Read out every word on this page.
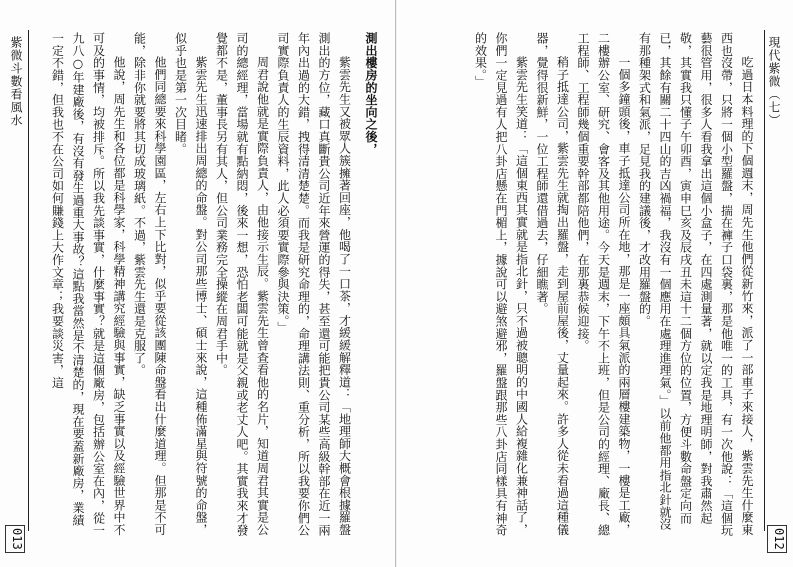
紫微斗數看風水	測出樓房的坐向之後，

紫雲先生又被眾人簇擁著回座，他喝了一口茶，才緩緩解釋道：「地理師大概會根據羅盤測出的方位，藏口真斷貴公司近年來營運的得失，甚至還可能把貴公司某些高級幹部在近一兩年內出過的大錯，拽得清清楚楚。而我是研究命理的，命理講法則、重分析，所以我要你們公司實際負責人的生辰資料，此人必須要實際參與決策。」

周君說他就是實際負責人，由他接示生辰。紫雲先生曾查看他的名片，知道周君其實是公司的總經理，當場就有點納悶，後來一想，恐怕老闆可能就是父親或老丈人吧。其實我來才發覺都不是，董事長另有其人，但公司業務完全操縱在周君手中。

紫雲先生迅速排出周總的命盤。對公司那些博士、碩士來說，這種佈滿星與符號的命盤，似乎也是第一次目睹。

他們同總要來科學園區，左右上下比對，似乎要從該團陳命盤看出什麼道理。但那是不可能，除非你就要將其切成玻璃紙。不過，紫雲先生還是克服了。

他說，周先生和各位都是科學家，科學精神講究經驗與事實，缺乏事實以及經驗世界中不可及的事情，均被排斥。所以我先談事實，什麼事實？就是這個廠房，包括辦公室在內，從一九八○年建廠後，有沒有發生過重大事故？這點我當然是不清楚的，現在要蓋新廠房，業績一定不錯，但我也不在公司如何賺錢上大作文章；我要談災害，這

013
現代紫微（七）

吃過日本料理的下個週末，周先生他們從新竹來，派了一部車子來接人，紫雲先生什麼東西也沒帶，只將一個小型羅盤，揣在褲子口袋裏，那是他唯一的工具，有一次他說：「這個玩藝很管用，很多人看我拿出這個小盒子，在四處測量著，就以定我是地理明師，對我肅然起敬，其實我只懂子午卯酉，寅申巳亥及辰戌丑未這十二個方位的位置，方便斗數命盤定向而已，其餘有關二十四山的吉凶禍福，我沒有一個應用在處理進理氣。」以前他都用指北針就沒有那種架式和氣派，足見我的建議後，才改用羅盤的。

一個多鐘頭後，車子抵達公司所在地，那是一座頗具氣派的兩層樓建築物，一樓是工廠，二樓辦公室、研究、會客及其他用途。今天是週末，下午不上班，但是公司的經理、廠長、總工程師、工程師幾個重要幹部都陪他們，在那裏恭候迎接。

稍子抵達公司，紫雲先生就掏出羅盤，走到屋前屋後，丈量起來。許多人從未看過這種儀器，覺得很新鮮，一位工程師還借過去，仔細瞧著。

紫雲先生笑道：「這個東西其實就是指北針，只不過被聰明的中國人給複雜化兼神話了，你們一定見過有人把八卦店懸在門楣上，據說可以避煞避邪，羅盤跟那些八卦店同樣具有神奇的效果。」

012
